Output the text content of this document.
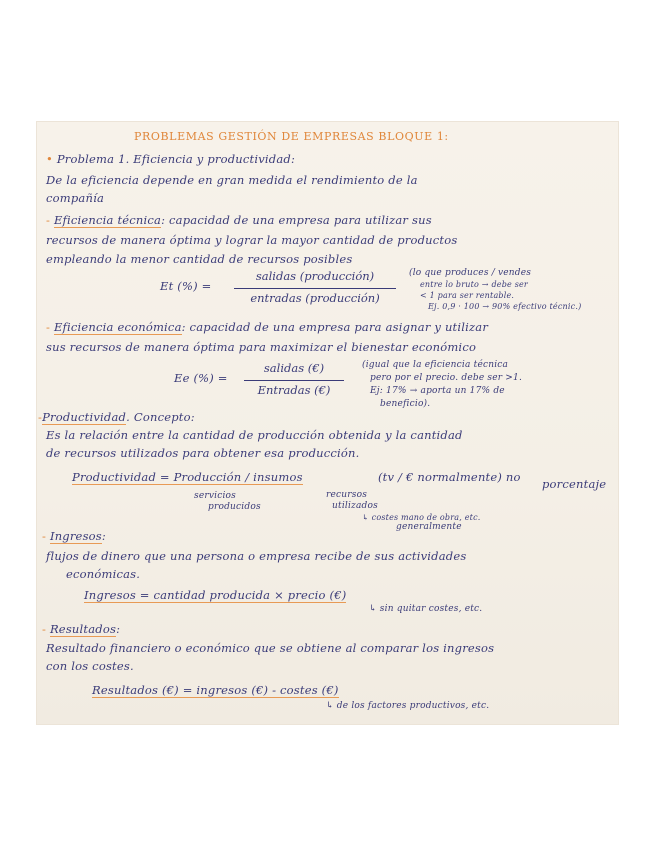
PROBLEMAS GESTIÓN DE EMPRESAS BLOQUE 1:
• Problema 1. Eficiencia y productividad:
De la eficiencia depende en gran medida el rendimiento de la
compañía
- Eficiencia técnica: capacidad de una empresa para utilizar sus
recursos de manera óptima y lograr la mayor cantidad de productos
empleando la menor cantidad de recursos posibles
Et (%) =
salidas (producción)
entradas (producción)
(lo que produces / vendes
entre lo bruto → debe ser
< 1 para ser rentable.
Ej. 0,9 · 100 → 90% efectivo técnic.)
- Eficiencia económica: capacidad de una empresa para asignar y utilizar
sus recursos de manera óptima para maximizar el bienestar económico
Ee (%) =
salidas (€)
Entradas (€)
(igual que la eficiencia técnica
pero por el precio. debe ser >1.
Ej: 17% → aporta un 17% de
beneficio).
-Productividad. Concepto:
Es la relación entre la cantidad de producción obtenida y la cantidad
de recursos utilizados para obtener esa producción.
Productividad = Producción / insumos	(tv / € normalmente) no porcentaje
servicios
producidos
recursos
utilizados
↳ costes mano de obra, etc.
generalmente
- Ingresos:
flujos de dinero que una persona o empresa recibe de sus actividades
económicas.
Ingresos = cantidad producida × precio (€)
↳ sin quitar costes, etc.
- Resultados:
Resultado financiero o económico que se obtiene al comparar los ingresos
con los costes.
Resultados (€) = ingresos (€) - costes (€)
↳ de los factores productivos, etc.
